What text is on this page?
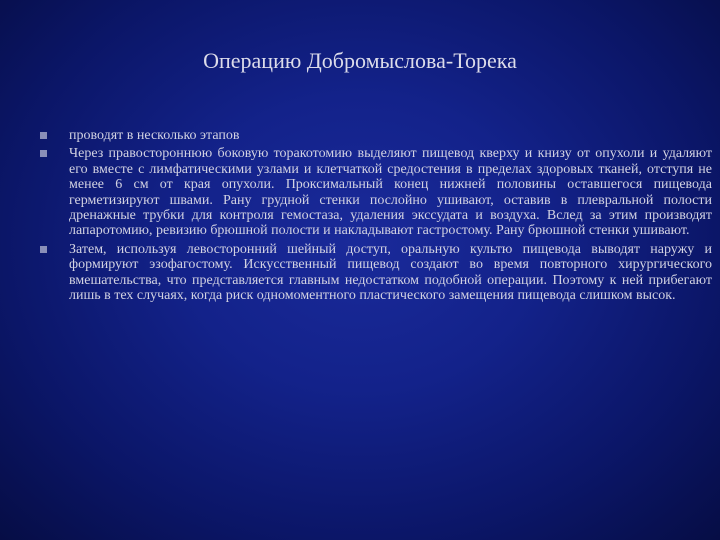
Операцию Добромыслова-Торека
проводят в несколько этапов
Через правостороннюю боковую торакотомию выделяют пищевод кверху и книзу от опухоли и удаляют его вместе с лимфатическими узлами и клетчаткой средостения в пределах здоровых тканей, отступя не менее 6 см от края опухоли. Проксимальный конец нижней половины оставшегося пищевода герметизируют швами. Рану грудной стенки послойно ушивают, оставив в плевральной полости дренажные трубки для контроля гемостаза, удаления экссудата и воздуха. Вслед за этим производят лапаротомию, ревизию брюшной полости и накладывают гастростому. Рану брюшной стенки ушивают.
Затем, используя левосторонний шейный доступ, оральную культю пищевода выводят наружу и формируют эзофагостому. Искусственный пищевод создают во время повторного хирургического вмешательства, что представляется главным недостатком подобной операции. Поэтому к ней прибегают лишь в тех случаях, когда риск одномоментного пластического замещения пищевода слишком высок.
